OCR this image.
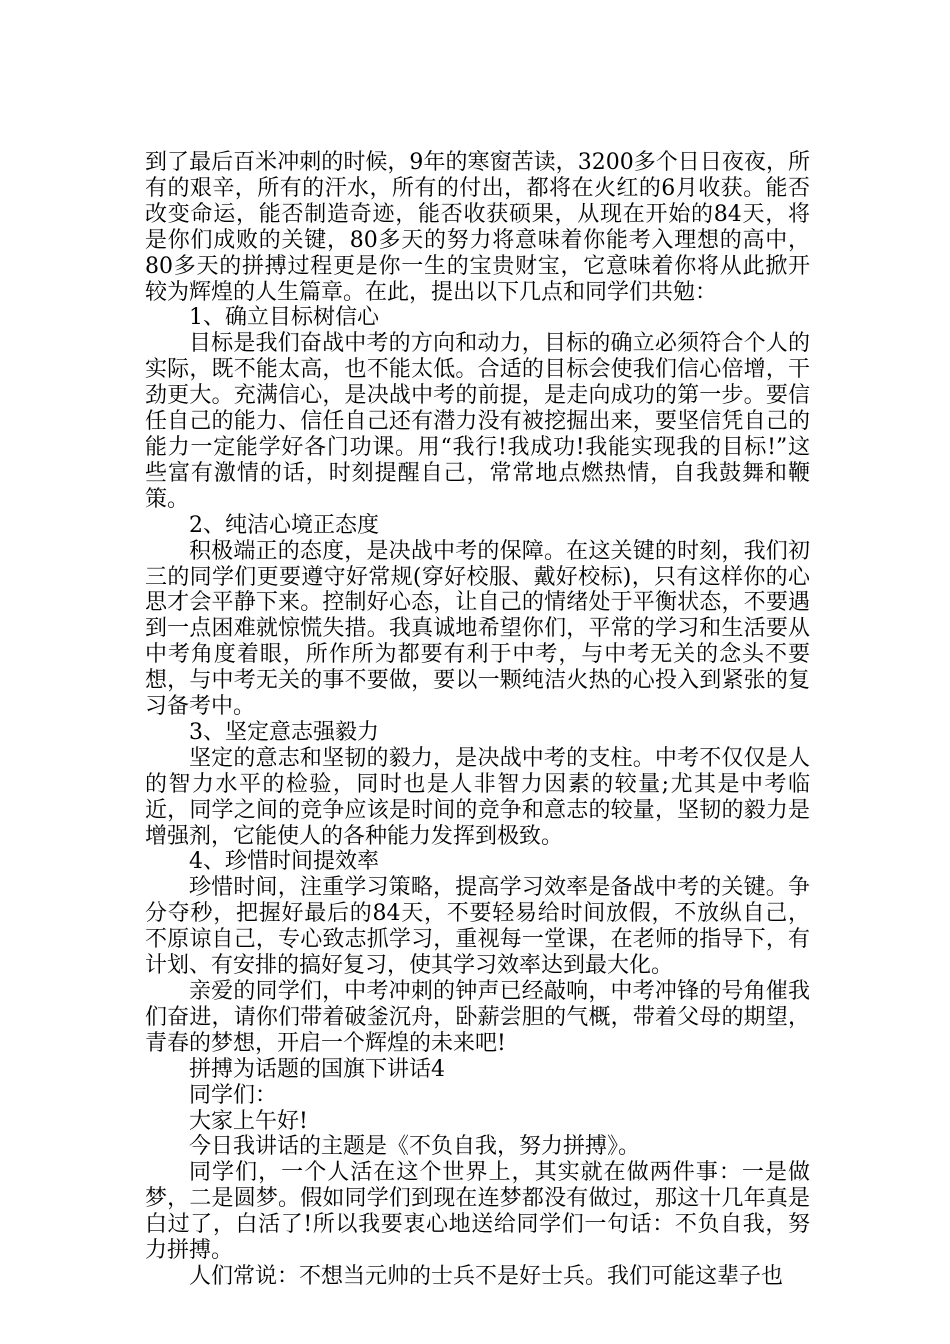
到了最后百米冲刺的时候，9年的寒窗苦读，3200多个日日夜夜，所有的艰辛，所有的汗水，所有的付出，都将在火红的6月收获。能否改变命运，能否制造奇迹，能否收获硕果，从现在开始的84天，将是你们成败的关键，80多天的努力将意味着你能考入理想的高中，80多天的拼搏过程更是你一生的宝贵财宝，它意味着你将从此掀开较为辉煌的人生篇章。在此，提出以下几点和同学们共勉：

1、确立目标树信心

目标是我们奋战中考的方向和动力，目标的确立必须符合个人的实际，既不能太高，也不能太低。合适的目标会使我们信心倍增，干劲更大。充满信心，是决战中考的前提，是走向成功的第一步。要信任自己的能力、信任自己还有潜力没有被挖掘出来，要坚信凭自己的能力一定能学好各门功课。用“我行!我成功!我能实现我的目标!”这些富有激情的话，时刻提醒自己，常常地点燃热情，自我鼓舞和鞭策。

2、纯洁心境正态度

积极端正的态度，是决战中考的保障。在这关键的时刻，我们初三的同学们更要遵守好常规(穿好校服、戴好校标)，只有这样你的心思才会平静下来。控制好心态，让自己的情绪处于平衡状态，不要遇到一点困难就惊慌失措。我真诚地希望你们，平常的学习和生活要从中考角度着眼，所作所为都要有利于中考，与中考无关的念头不要想，与中考无关的事不要做，要以一颗纯洁火热的心投入到紧张的复习备考中。

3、坚定意志强毅力

坚定的意志和坚韧的毅力，是决战中考的支柱。中考不仅仅是人的智力水平的检验，同时也是人非智力因素的较量;尤其是中考临近，同学之间的竞争应该是时间的竞争和意志的较量，坚韧的毅力是增强剂，它能使人的各种能力发挥到极致。

4、珍惜时间提效率

珍惜时间，注重学习策略，提高学习效率是备战中考的关键。争分夺秒，把握好最后的84天，不要轻易给时间放假，不放纵自己，不原谅自己，专心致志抓学习，重视每一堂课，在老师的指导下，有计划、有安排的搞好复习，使其学习效率达到最大化。

亲爱的同学们，中考冲刺的钟声已经敲响，中考冲锋的号角催我们奋进，请你们带着破釜沉舟，卧薪尝胆的气概，带着父母的期望，青春的梦想，开启一个辉煌的未来吧!

拼搏为话题的国旗下讲话4

同学们：

大家上午好!

今日我讲话的主题是《不负自我，努力拼搏》。

同学们，一个人活在这个世界上，其实就在做两件事：一是做梦，二是圆梦。假如同学们到现在连梦都没有做过，那这十几年真是白过了，白活了!所以我要衷心地送给同学们一句话：不负自我，努力拼搏。

人们常说：不想当元帅的士兵不是好士兵。我们可能这辈子也
